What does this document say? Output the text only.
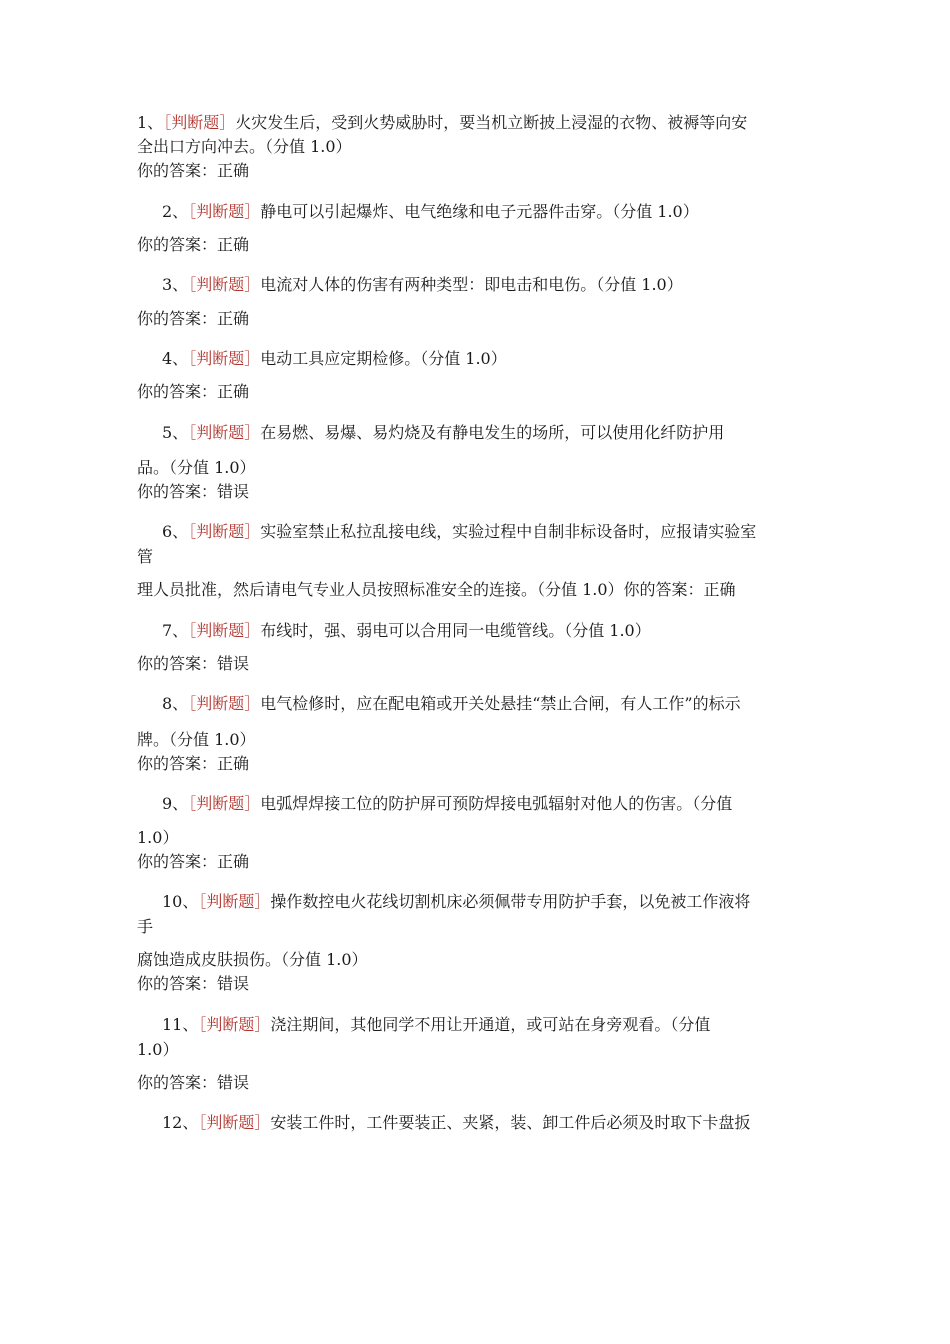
1、［判断题］火灾发生后，受到火势威胁时，要当机立断披上浸湿的衣物、被褥等向安
全出口方向冲去。（分值 1.0）
你的答案：正确
2、［判断题］静电可以引起爆炸、电气绝缘和电子元器件击穿。（分值 1.0）
你的答案：正确
3、［判断题］电流对人体的伤害有两种类型：即电击和电伤。（分值 1.0）
你的答案：正确
4、［判断题］电动工具应定期检修。（分值 1.0）
你的答案：正确
5、［判断题］在易燃、易爆、易灼烧及有静电发生的场所，可以使用化纤防护用
品。（分值 1.0）
你的答案：错误
6、［判断题］实验室禁止私拉乱接电线，实验过程中自制非标设备时，应报请实验室
管
理人员批准，然后请电气专业人员按照标准安全的连接。（分值 1.0）你的答案：正确
7、［判断题］布线时，强、弱电可以合用同一电缆管线。（分值 1.0）
你的答案：错误
8、［判断题］电气检修时，应在配电箱或开关处悬挂“禁止合闸，有人工作”的标示
牌。（分值 1.0）
你的答案：正确
9、［判断题］电弧焊焊接工位的防护屏可预防焊接电弧辐射对他人的伤害。（分值
1.0）
你的答案：正确
10、［判断题］操作数控电火花线切割机床必须佩带专用防护手套，以免被工作液将
手
腐蚀造成皮肤损伤。（分值 1.0）
你的答案：错误
11、［判断题］浇注期间，其他同学不用让开通道，或可站在身旁观看。（分值
1.0）
你的答案：错误
12、［判断题］安装工件时，工件要装正、夹紧，装、卸工件后必须及时取下卡盘扳
